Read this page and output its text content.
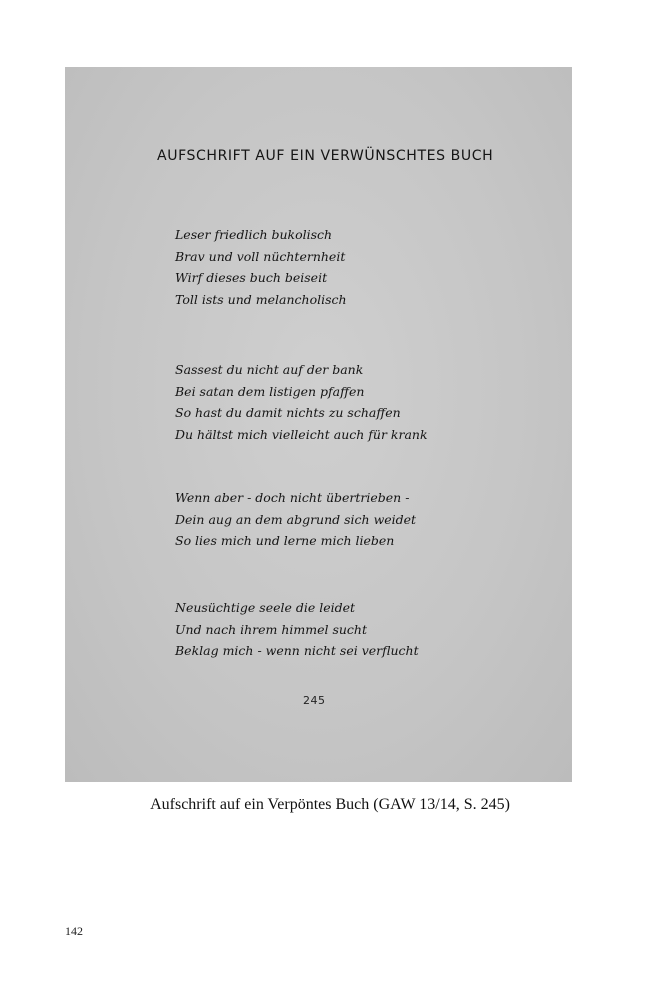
AUFSCHRIFT AUF EIN VERWÜNSCHTES BUCH
Leser friedlich bukolisch
Brav und voll nüchternheit
Wirf dieses buch beiseit
Toll ists und melancholisch
Sassest du nicht auf der bank
Bei satan dem listigen pfaffen
So hast du damit nichts zu schaffen
Du hältst mich vielleicht auch für krank
Wenn aber - doch nicht übertrieben -
Dein aug an dem abgrund sich weidet
So lies mich und lerne mich lieben
Neusüchtige seele die leidet
Und nach ihrem himmel sucht
Beklag mich - wenn nicht sei verflucht
245
Aufschrift auf ein Verpöntes Buch (GAW 13/14, S. 245)
142
